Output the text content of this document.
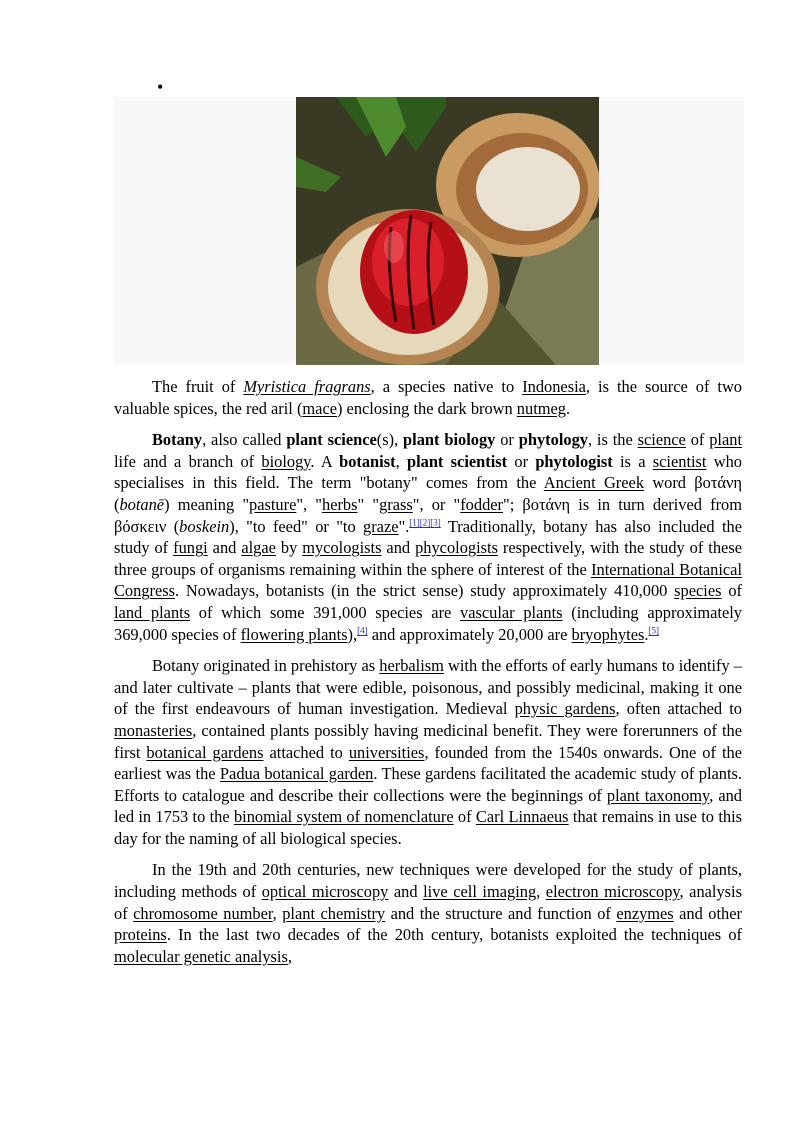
•

The fruit of Myristica fragrans, a species native to Indonesia, is the source of two valuable spices, the red aril (mace) enclosing the dark brown nutmeg.

Botany, also called plant science(s), plant biology or phytology, is the science of plant life and a branch of biology. A botanist, plant scientist or phytologist is a scientist who specialises in this field. The term "botany" comes from the Ancient Greek word βοτάνη (botanē) meaning "pasture", "herbs" "grass", or "fodder"; βοτάνη is in turn derived from βόσκειν (boskein), "to feed" or "to graze".[1][2][3] Traditionally, botany has also included the study of fungi and algae by mycologists and phycologists respectively, with the study of these three groups of organisms remaining within the sphere of interest of the International Botanical Congress. Nowadays, botanists (in the strict sense) study approximately 410,000 species of land plants of which some 391,000 species are vascular plants (including approximately 369,000 species of flowering plants),[4] and approximately 20,000 are bryophytes.[5]

Botany originated in prehistory as herbalism with the efforts of early humans to identify – and later cultivate – plants that were edible, poisonous, and possibly medicinal, making it one of the first endeavours of human investigation. Medieval physic gardens, often attached to monasteries, contained plants possibly having medicinal benefit. They were forerunners of the first botanical gardens attached to universities, founded from the 1540s onwards. One of the earliest was the Padua botanical garden. These gardens facilitated the academic study of plants. Efforts to catalogue and describe their collections were the beginnings of plant taxonomy, and led in 1753 to the binomial system of nomenclature of Carl Linnaeus that remains in use to this day for the naming of all biological species.

In the 19th and 20th centuries, new techniques were developed for the study of plants, including methods of optical microscopy and live cell imaging, electron microscopy, analysis of chromosome number, plant chemistry and the structure and function of enzymes and other proteins. In the last two decades of the 20th century, botanists exploited the techniques of molecular genetic analysis,
